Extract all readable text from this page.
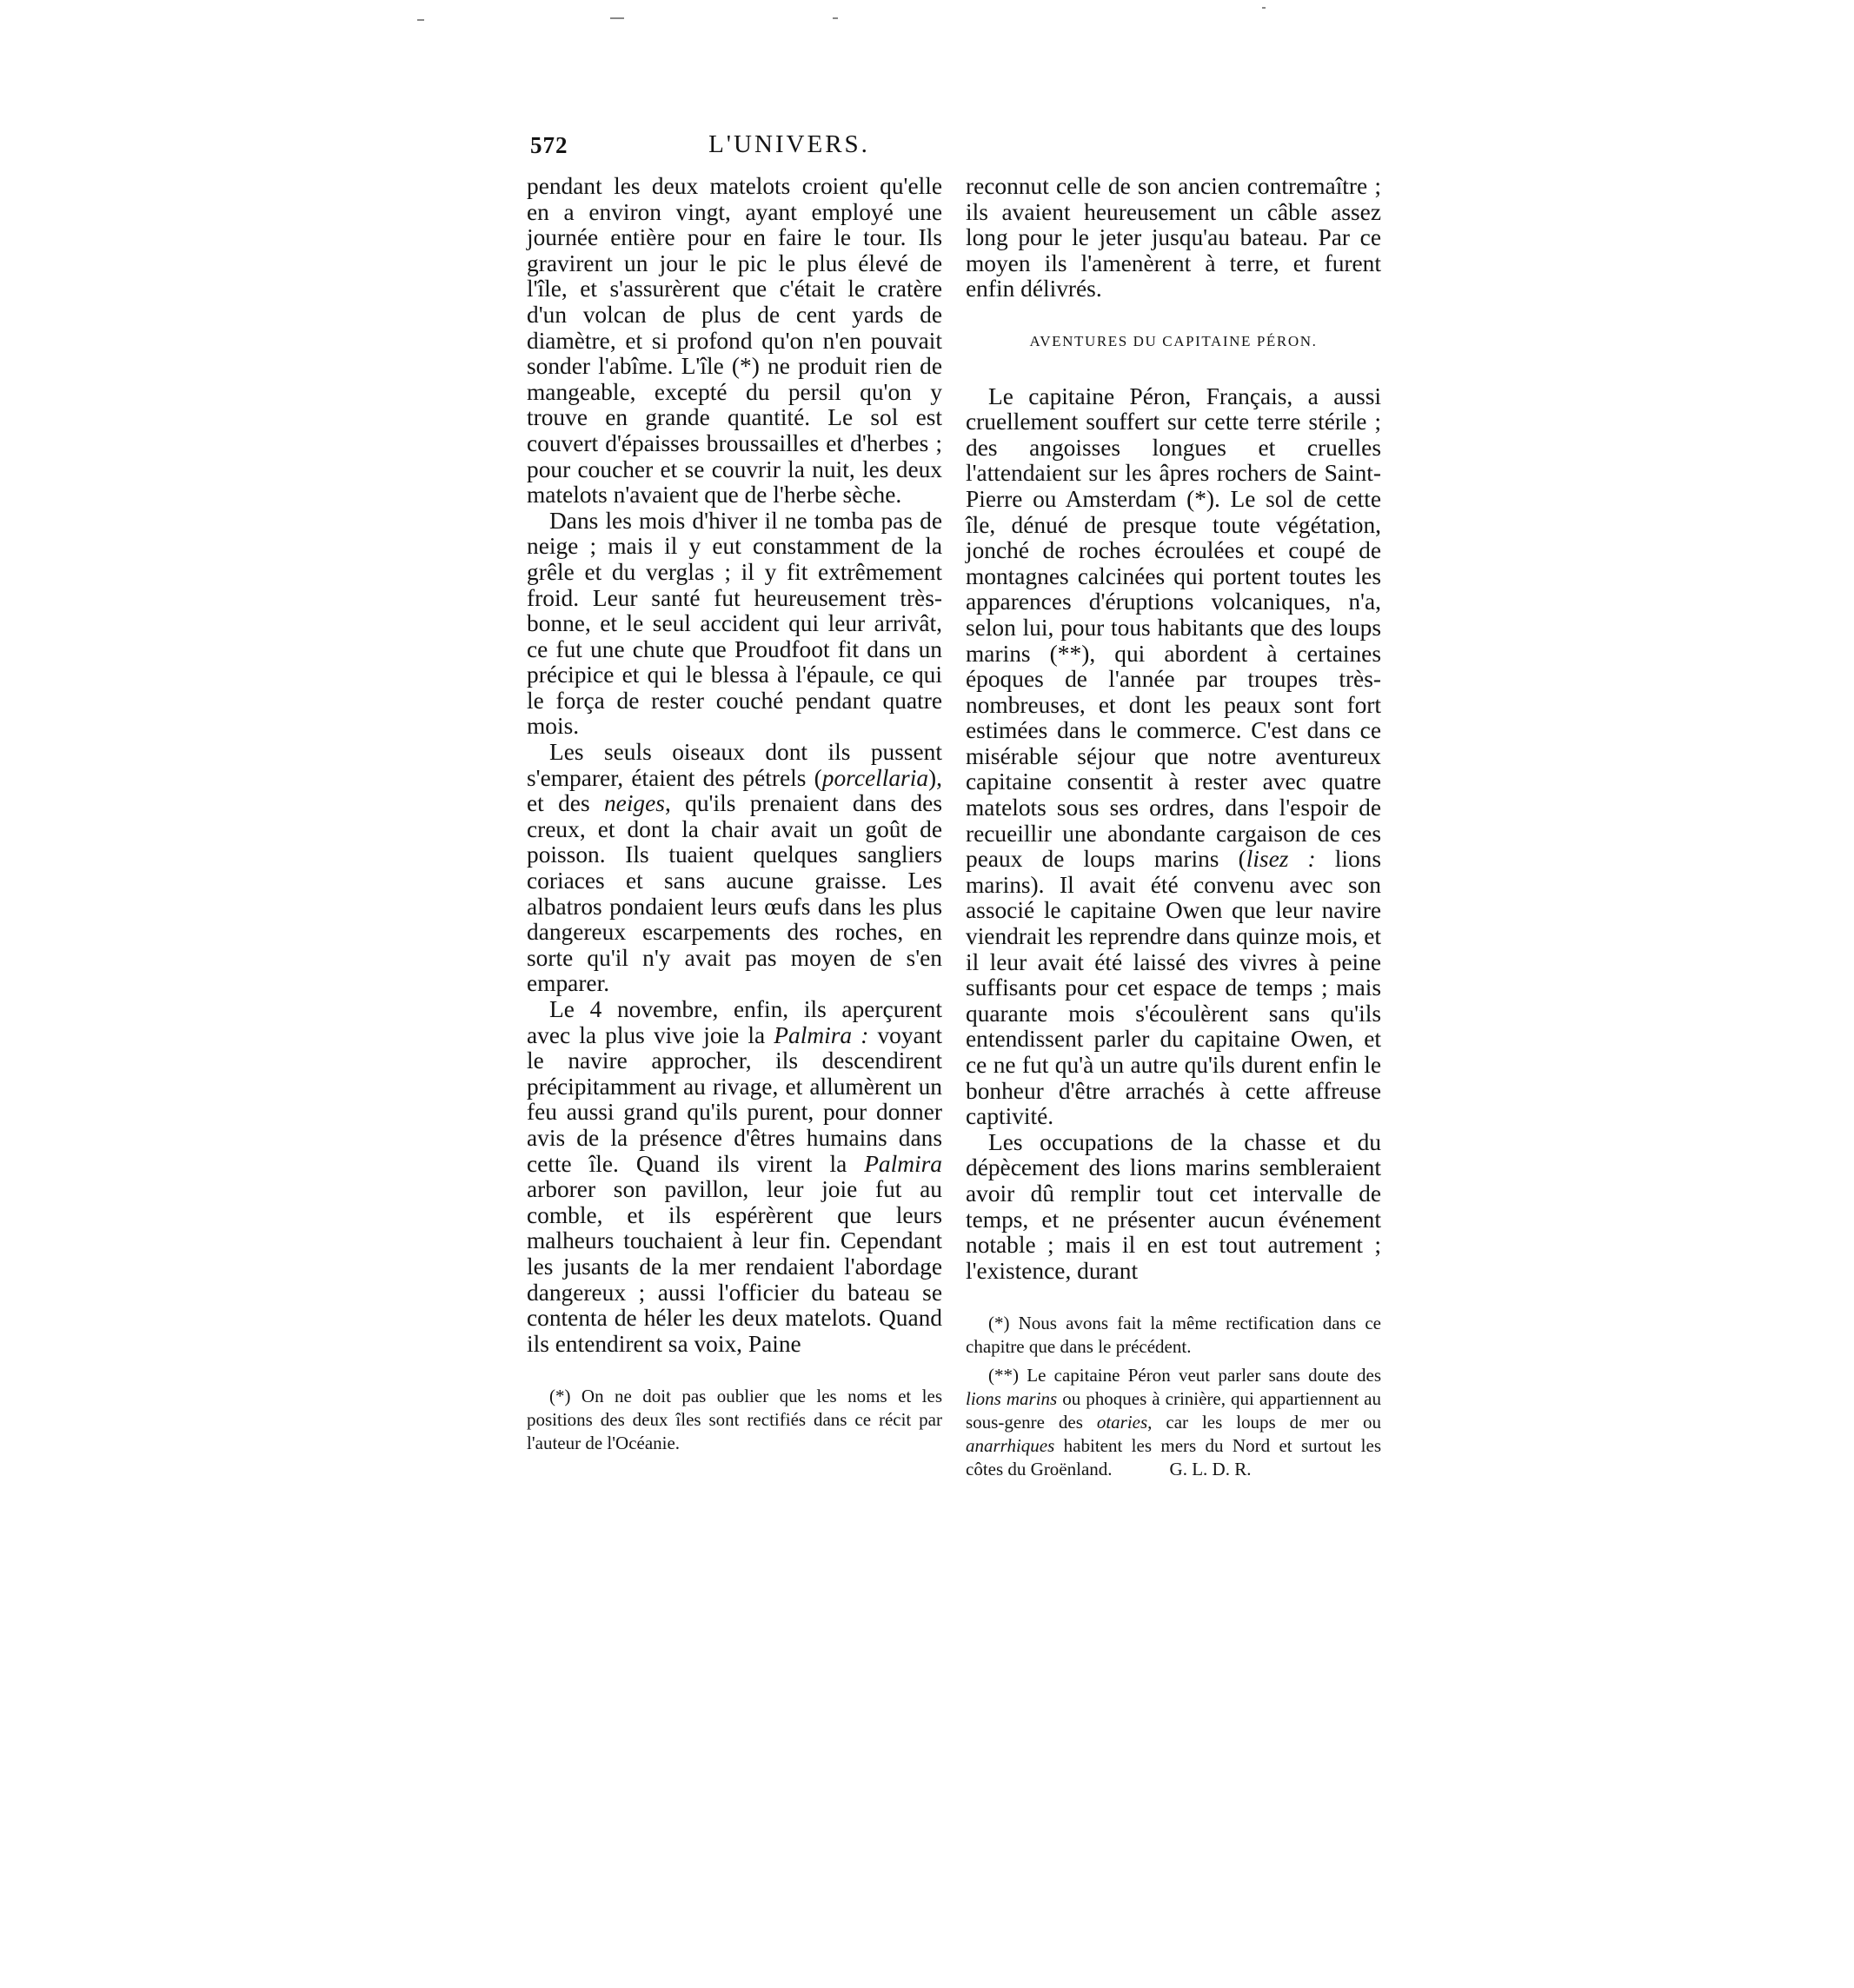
572	L'UNIVERS.

pendant les deux matelots croient qu'elle en a environ vingt, ayant employé une journée entière pour en faire le tour. Ils gravirent un jour le pic le plus élevé de l'île, et s'assurèrent que c'était le cratère d'un volcan de plus de cent yards de diamètre, et si profond qu'on n'en pouvait sonder l'abîme. L'île (*) ne produit rien de mangeable, excepté du persil qu'on y trouve en grande quantité. Le sol est couvert d'épaisses broussailles et d'herbes ; pour coucher et se couvrir la nuit, les deux matelots n'avaient que de l'herbe sèche.

Dans les mois d'hiver il ne tomba pas de neige ; mais il y eut constamment de la grêle et du verglas ; il y fit extrêmement froid. Leur santé fut heureusement très-bonne, et le seul accident qui leur arrivât, ce fut une chute que Proudfoot fit dans un précipice et qui le blessa à l'épaule, ce qui le força de rester couché pendant quatre mois.

Les seuls oiseaux dont ils pussent s'emparer, étaient des pétrels (porcellaria), et des neiges, qu'ils prenaient dans des creux, et dont la chair avait un goût de poisson. Ils tuaient quelques sangliers coriaces et sans aucune graisse. Les albatros pondaient leurs œufs dans les plus dangereux escarpements des roches, en sorte qu'il n'y avait pas moyen de s'en emparer.

Le 4 novembre, enfin, ils aperçurent avec la plus vive joie la Palmira : voyant le navire approcher, ils descendirent précipitamment au rivage, et allumèrent un feu aussi grand qu'ils purent, pour donner avis de la présence d'êtres humains dans cette île. Quand ils virent la Palmira arborer son pavillon, leur joie fut au comble, et ils espérèrent que leurs malheurs touchaient à leur fin. Cependant les jusants de la mer rendaient l'abordage dangereux ; aussi l'officier du bateau se contenta de héler les deux matelots. Quand ils entendirent sa voix, Paine

(*) On ne doit pas oublier que les noms et les positions des deux îles sont rectifiés dans ce récit par l'auteur de l'Océanie.

reconnut celle de son ancien contremaître ; ils avaient heureusement un câble assez long pour le jeter jusqu'au bateau. Par ce moyen ils l'amenèrent à terre, et furent enfin délivrés.

AVENTURES DU CAPITAINE PÉRON.

Le capitaine Péron, Français, a aussi cruellement souffert sur cette terre stérile ; des angoisses longues et cruelles l'attendaient sur les âpres rochers de Saint-Pierre ou Amsterdam (*). Le sol de cette île, dénué de presque toute végétation, jonché de roches écroulées et coupé de montagnes calcinées qui portent toutes les apparences d'éruptions volcaniques, n'a, selon lui, pour tous habitants que des loups marins (**), qui abordent à certaines époques de l'année par troupes très-nombreuses, et dont les peaux sont fort estimées dans le commerce. C'est dans ce misérable séjour que notre aventureux capitaine consentit à rester avec quatre matelots sous ses ordres, dans l'espoir de recueillir une abondante cargaison de ces peaux de loups marins (lisez : lions marins). Il avait été convenu avec son associé le capitaine Owen que leur navire viendrait les reprendre dans quinze mois, et il leur avait été laissé des vivres à peine suffisants pour cet espace de temps ; mais quarante mois s'écoulèrent sans qu'ils entendissent parler du capitaine Owen, et ce ne fut qu'à un autre qu'ils durent enfin le bonheur d'être arrachés à cette affreuse captivité.

Les occupations de la chasse et du dépècement des lions marins sembleraient avoir dû remplir tout cet intervalle de temps, et ne présenter aucun événement notable ; mais il en est tout autrement ; l'existence, durant

(*) Nous avons fait la même rectification dans ce chapitre que dans le précédent.

(**) Le capitaine Péron veut parler sans doute des lions marins ou phoques à crinière, qui appartiennent au sous-genre des otaries, car les loups de mer ou anarrhiques habitent les mers du Nord et surtout les côtes du Groënland.	G. L. D. R.
